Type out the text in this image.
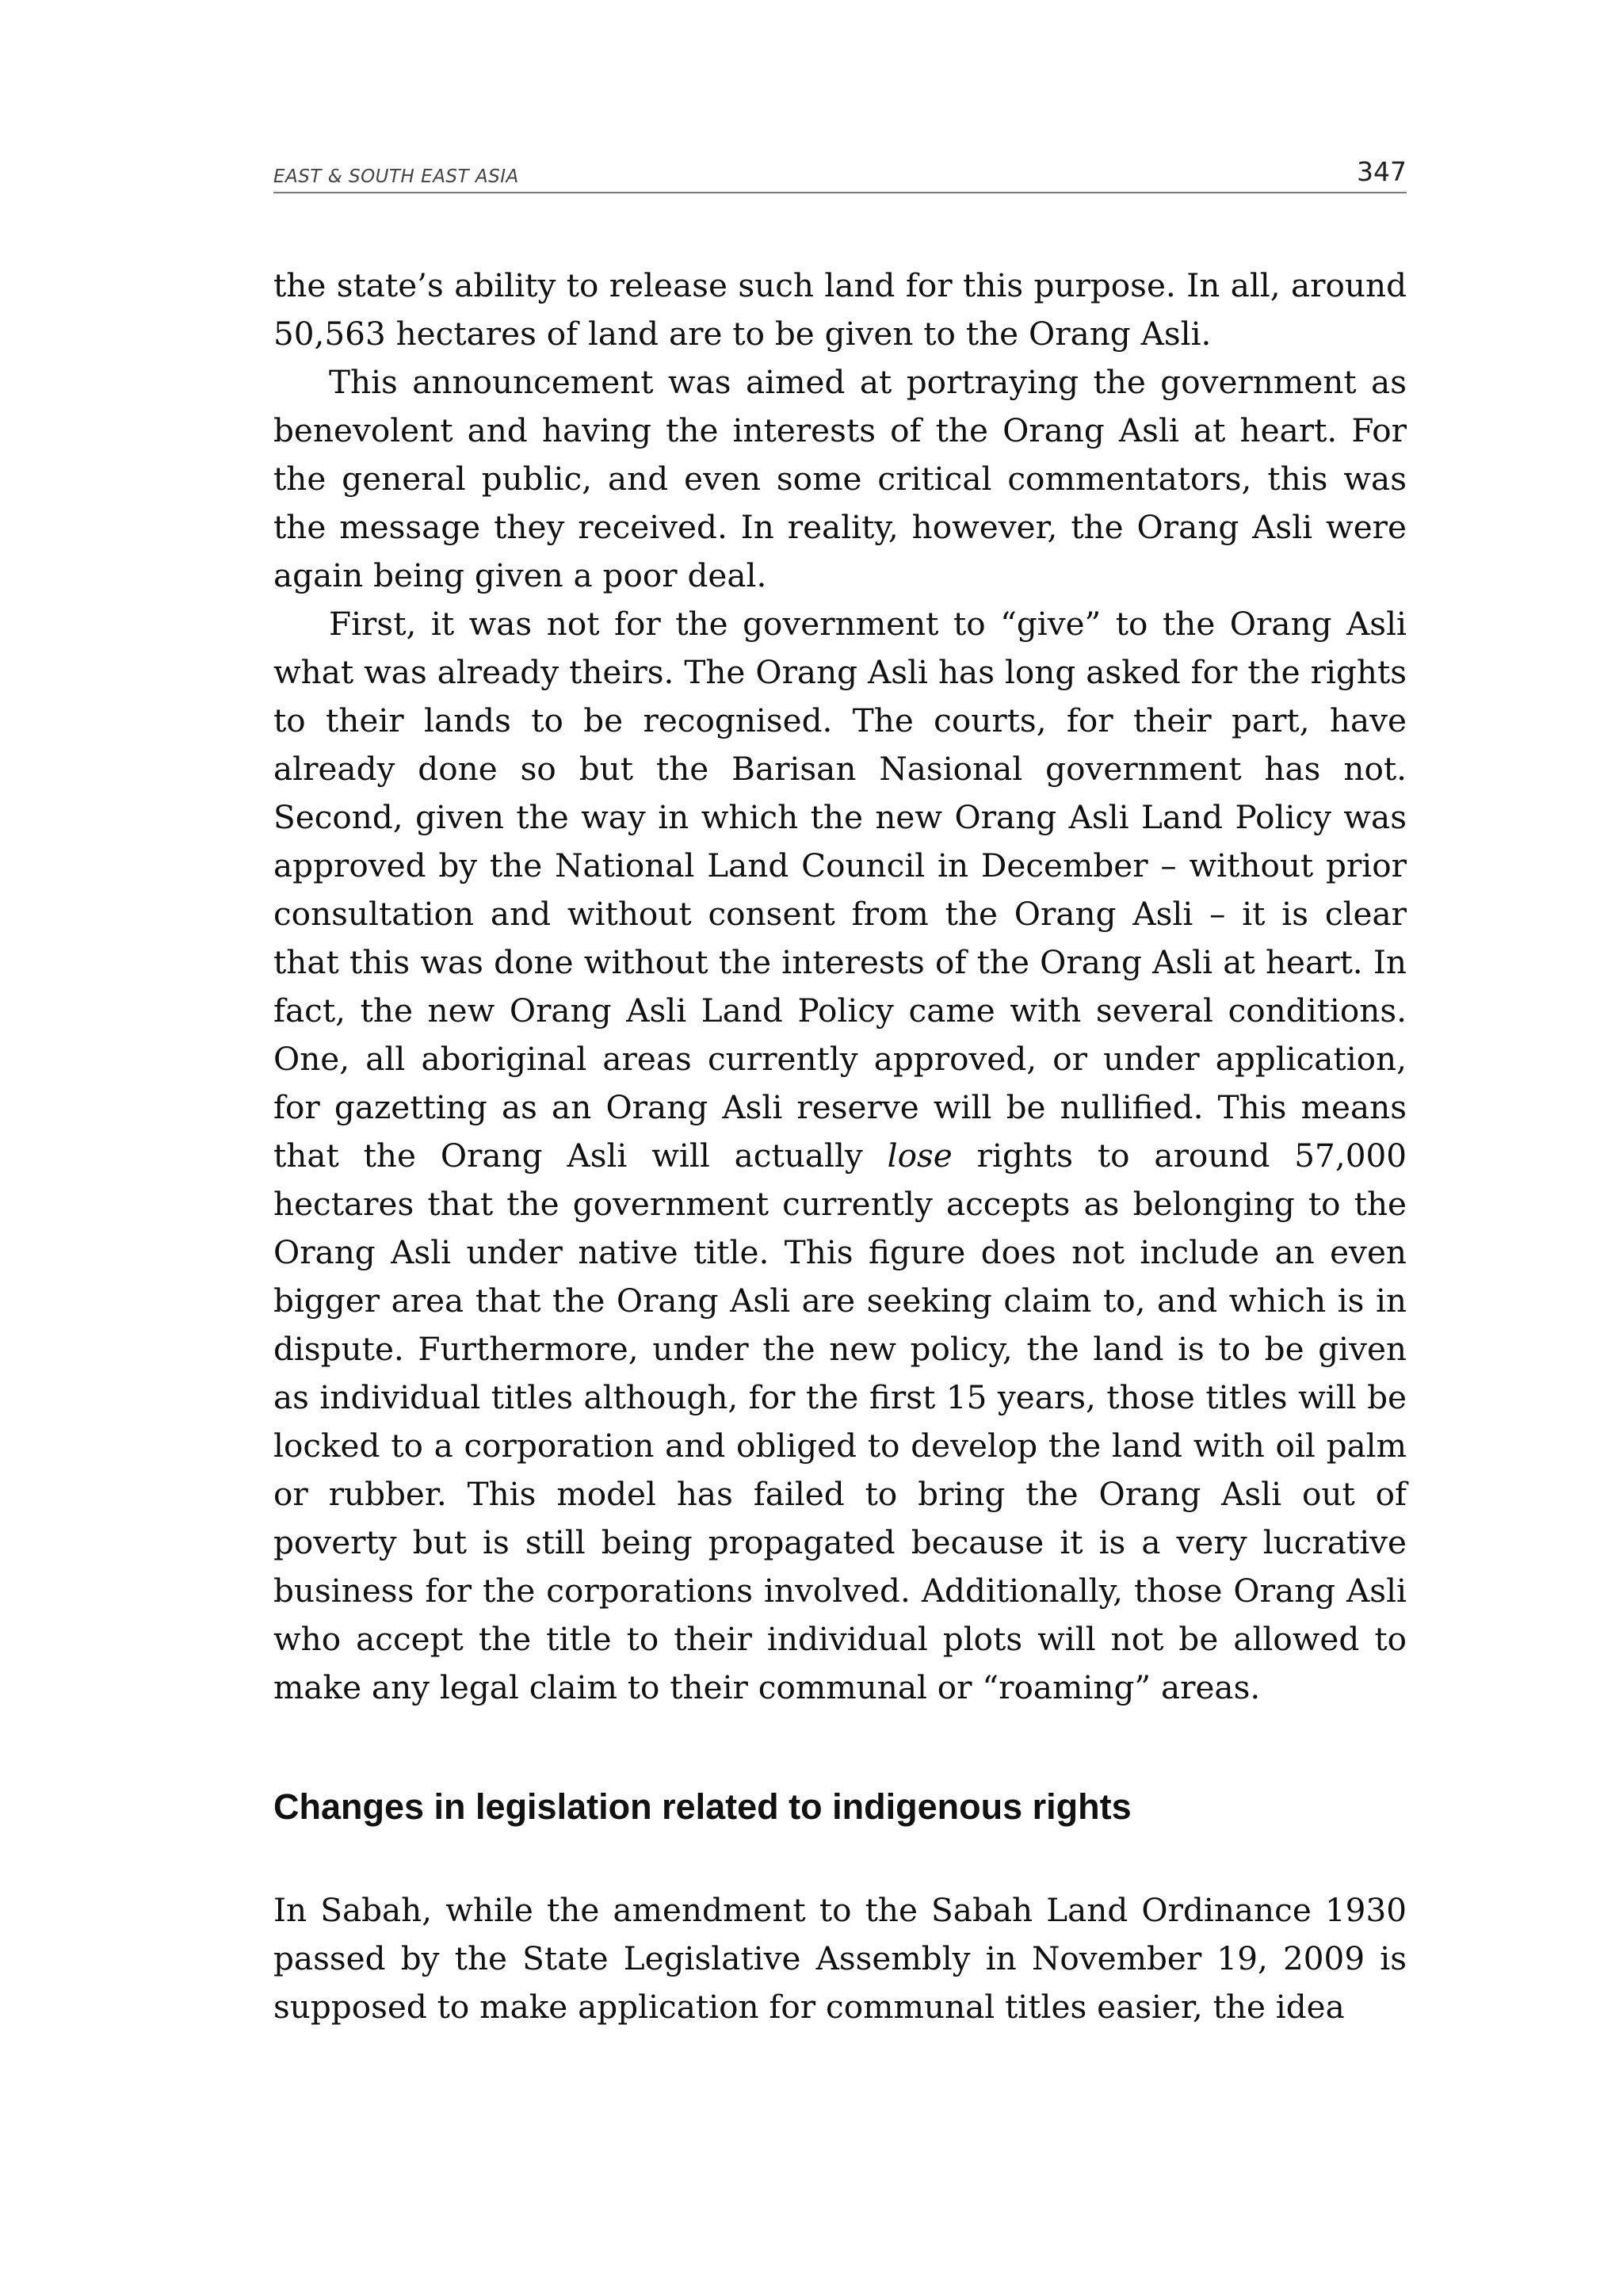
EAST & SOUTH EAST ASIA	347

the state’s ability to release such land for this purpose. In all, around 50,563 hectares of land are to be given to the Orang Asli.

This announcement was aimed at portraying the government as benevolent and having the interests of the Orang Asli at heart. For the general public, and even some critical commentators, this was the message they received. In reality, however, the Orang Asli were again being given a poor deal.

First, it was not for the government to “give” to the Orang Asli what was already theirs. The Orang Asli has long asked for the rights to their lands to be recognised. The courts, for their part, have already done so but the Barisan Nasional government has not. Second, given the way in which the new Orang Asli Land Policy was approved by the National Land Council in December – without prior consultation and without consent from the Orang Asli – it is clear that this was done without the interests of the Orang Asli at heart. In fact, the new Orang Asli Land Policy came with several conditions. One, all aboriginal areas currently approved, or under application, for gazetting as an Orang Asli reserve will be nullified. This means that the Orang Asli will actually lose rights to around 57,000 hectares that the government currently accepts as belonging to the Orang Asli under native title. This figure does not include an even bigger area that the Orang Asli are seeking claim to, and which is in dispute. Furthermore, under the new policy, the land is to be given as individual titles although, for the first 15 years, those titles will be locked to a corporation and obliged to develop the land with oil palm or rubber. This model has failed to bring the Orang Asli out of poverty but is still being propagated because it is a very lucrative business for the corporations involved. Additionally, those Orang Asli who accept the title to their individual plots will not be allowed to make any legal claim to their communal or “roaming” areas.

Changes in legislation related to indigenous rights

In Sabah, while the amendment to the Sabah Land Ordinance 1930 passed by the State Legislative Assembly in November 19, 2009 is supposed to make application for communal titles easier, the idea
